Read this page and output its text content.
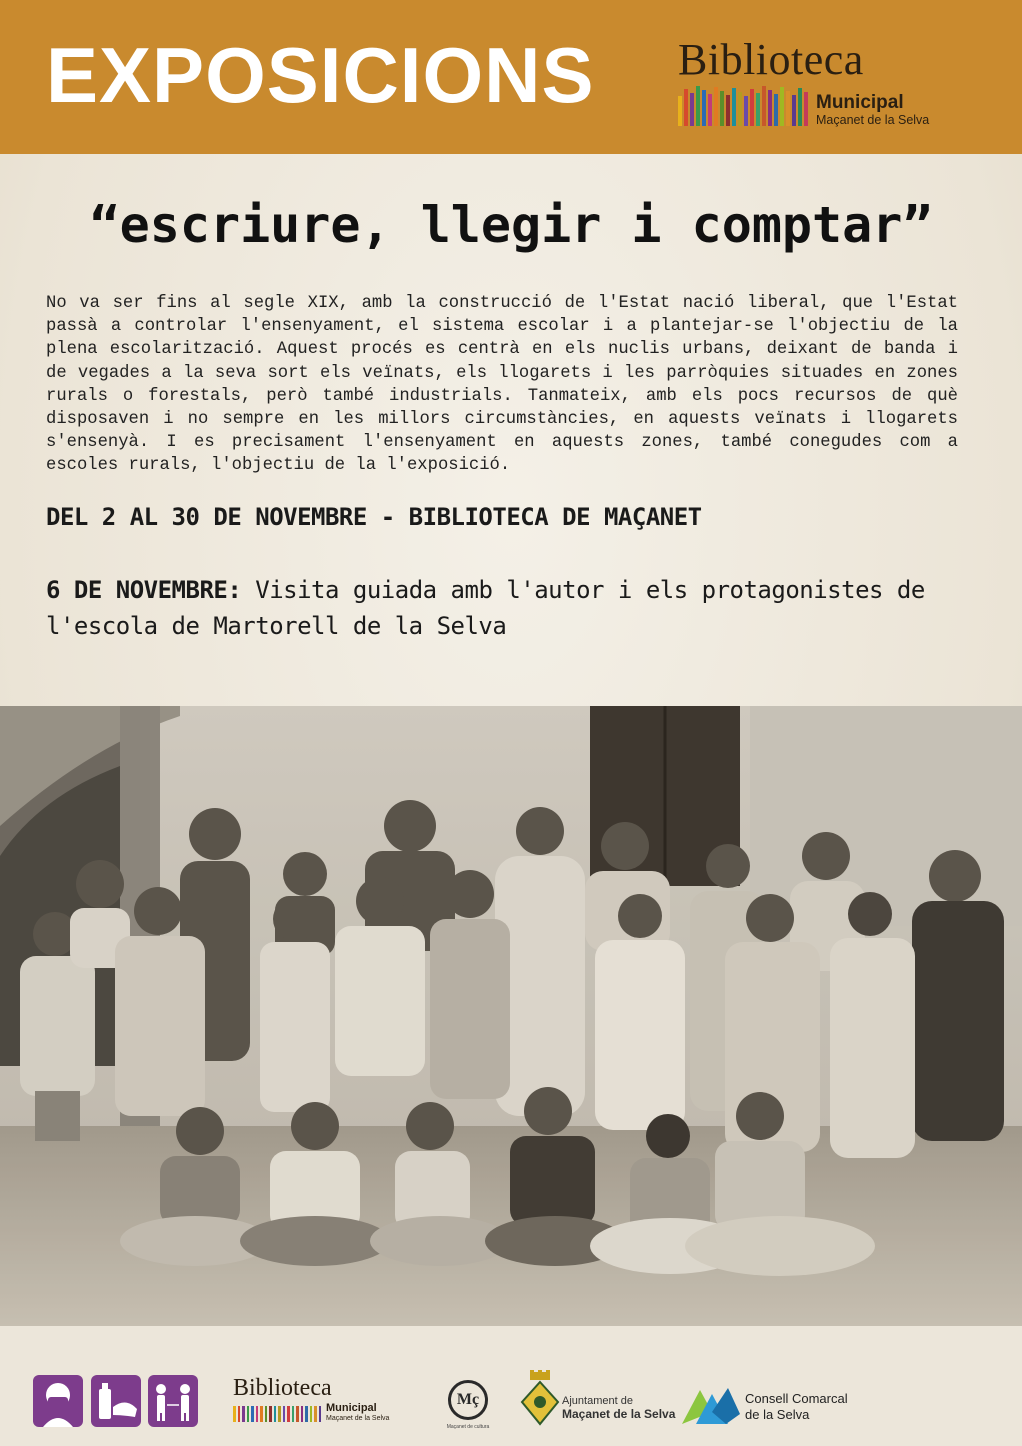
EXPOSICIONS Biblioteca
Municipal
Maçanet de la Selva
“escriure, llegir i comptar”
No va ser fins al segle XIX, amb la construcció de l'Estat nació liberal, que l'Estat passà a controlar l'ensenyament, el sistema escolar i a plantejar-se l'objectiu de la plena escolarització. Aquest procés es centrà en els nuclis urbans, deixant de banda i de vegades a la seva sort els veïnats, els llogarets i les parròquies situades en zones rurals o forestals, però també industrials. Tanmateix, amb els pocs recursos de què disposaven i no sempre en les millors circumstàncies, en aquests veïnats i llogarets s'ensenyà. I es precisament l'ensenyament en aquests zones, també conegudes com a escoles rurals, l'objectiu de la l'exposició.
DEL 2 AL 30 DE NOVEMBRE - BIBLIOTECA DE MAÇANET
6 DE NOVEMBRE: Visita guiada amb l'autor i els protagonistes de l'escola de Martorell de la Selva
Biblioteca
Municipal
Maçanet de la Selva
Mç
Maçanet de cultura
Ajuntament de
Maçanet de la Selva
Consell Comarcal
de la Selva
